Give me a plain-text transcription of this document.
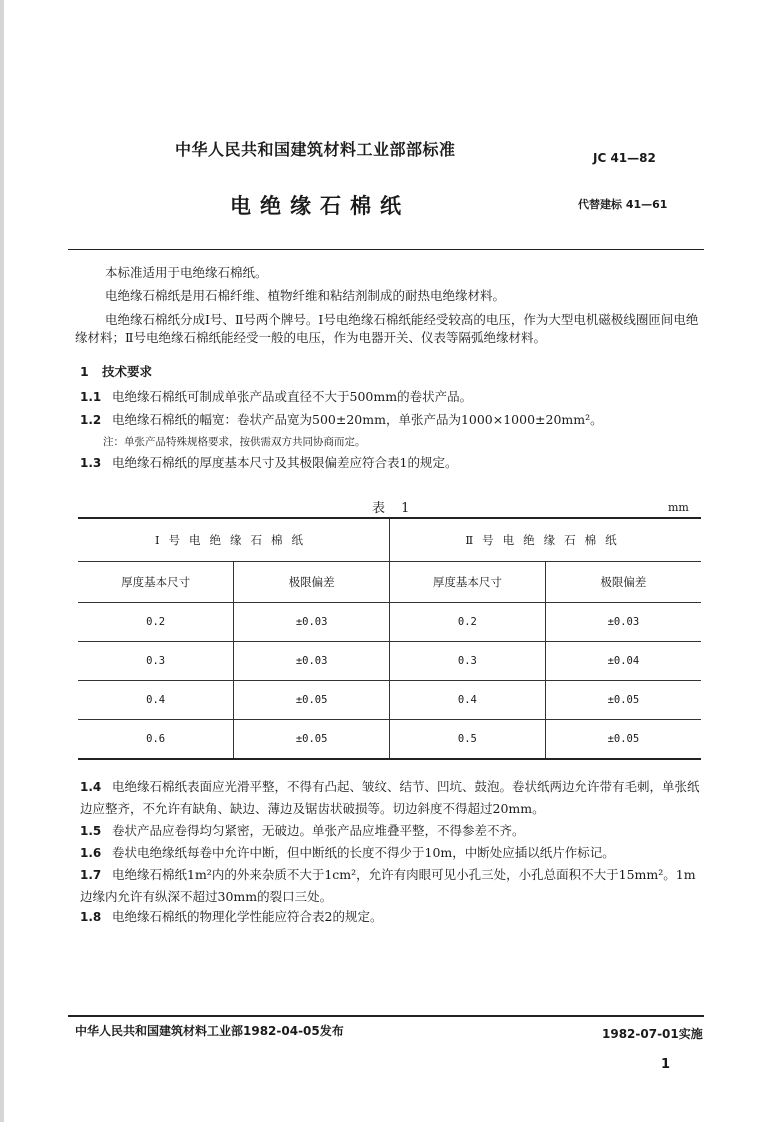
中华人民共和国建筑材料工业部部标准	JC 41—82
电绝缘石棉纸	代替建标 41—61
本标准适用于电绝缘石棉纸。
电绝缘石棉纸是用石棉纤维、植物纤维和粘结剂制成的耐热电绝缘材料。
电绝缘石棉纸分成Ⅰ号、Ⅱ号两个牌号。Ⅰ号电绝缘石棉纸能经受较高的电压，作为大型电机磁极线圈匝间电绝缘材料；Ⅱ号电绝缘石棉纸能经受一般的电压，作为电器开关、仪表等隔弧绝缘材料。
1 技术要求
1.1 电绝缘石棉纸可制成单张产品或直径不大于500mm的卷状产品。
1.2 电绝缘石棉纸的幅宽：卷状产品宽为500±20mm，单张产品为1000×1000±20mm²。
注：单张产品特殊规格要求，按供需双方共同协商而定。
1.3 电绝缘石棉纸的厚度基本尺寸及其极限偏差应符合表1的规定。
表 1	mm
Ⅰ号电绝缘石棉纸		Ⅱ号电绝缘石棉纸	
厚度基本尺寸	极限偏差	厚度基本尺寸	极限偏差
0.2	±0.03	0.2	±0.03
0.3	±0.03	0.3	±0.04
0.4	±0.05	0.4	±0.05
0.6	±0.05	0.5	±0.05
1.4 电绝缘石棉纸表面应光滑平整，不得有凸起、皱纹、结节、凹坑、鼓泡。卷状纸两边允许带有毛刺，单张纸边应整齐，不允许有缺角、缺边、薄边及锯齿状破损等。切边斜度不得超过20mm。
1.5 卷状产品应卷得均匀紧密，无破边。单张产品应堆叠平整，不得参差不齐。
1.6 卷状电绝缘纸每卷中允许中断，但中断纸的长度不得少于10m，中断处应插以纸片作标记。
1.7 电绝缘石棉纸1m²内的外来杂质不大于1cm²，允许有肉眼可见小孔三处，小孔总面积不大于15mm²。1m边缘内允许有纵深不超过30mm的裂口三处。
1.8 电绝缘石棉纸的物理化学性能应符合表2的规定。
中华人民共和国建筑材料工业部1982-04-05发布	1982-07-01实施
1
